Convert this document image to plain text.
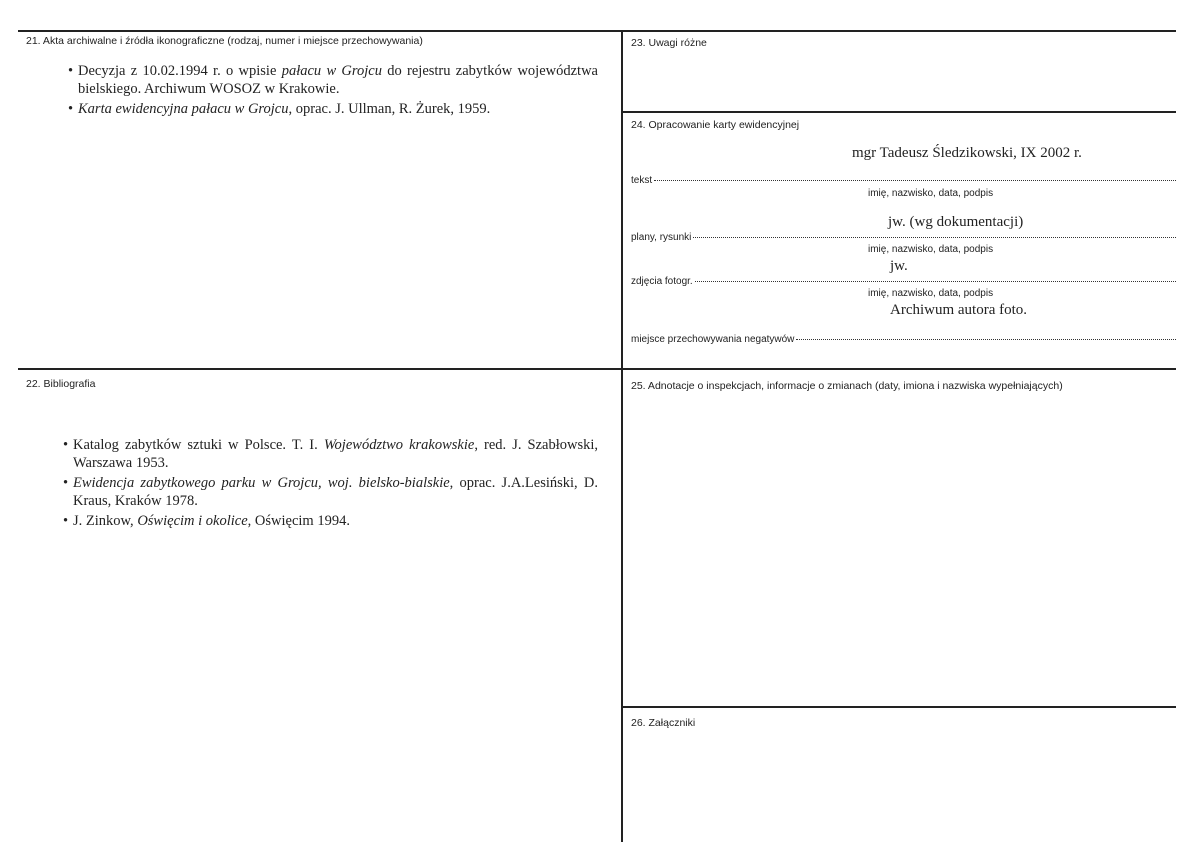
21. Akta archiwalne i źródła ikonograficzne (rodzaj, numer i miejsce przechowywania)
• Decyzja z 10.02.1994 r. o wpisie pałacu w Grojcu do rejestru zabytków województwa bielskiego. Archiwum WOSOZ w Krakowie.
• Karta ewidencyjna pałacu w Grojcu, oprac. J. Ullman, R. Żurek, 1959.
22. Bibliografia
• Katalog zabytków sztuki w Polsce. T. I. Województwo krakowskie, red. J. Szabłowski, Warszawa 1953.
• Ewidencja zabytkowego parku w Grojcu, woj. bielsko-bialskie, oprac. J.A.Lesiński, D. Kraus, Kraków 1978.
• J. Zinkow, Oświęcim i okolice, Oświęcim 1994.
23. Uwagi różne
24. Opracowanie karty ewidencyjnej
mgr Tadeusz Śledzikowski, IX 2002 r.
tekst
imię, nazwisko, data, podpis
jw. (wg dokumentacji)
plany, rysunki
imię, nazwisko, data, podpis
jw.
zdjęcia fotogr.
imię, nazwisko, data, podpis
Archiwum autora foto.
miejsce przechowywania negatywów
25. Adnotacje o inspekcjach, informacje o zmianach (daty, imiona i nazwiska wypełniających)
26. Załączniki
